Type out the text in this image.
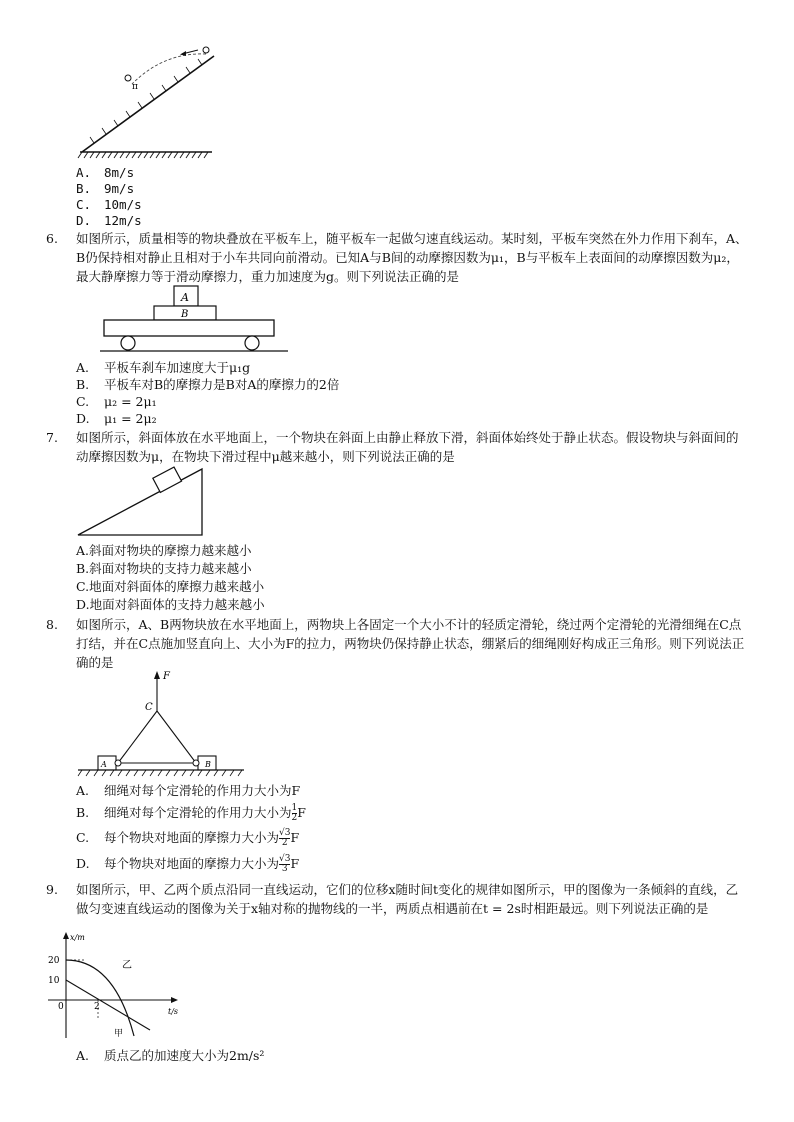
π
A. 8m/s
B. 9m/s
C. 10m/s
D. 12m/s
6. 如图所示，质量相等的物块叠放在平板车上，随平板车一起做匀速直线运动。某时刻，平板车突然在外力作用下刹车，A、B仍保持相对静止且相对于小车共同向前滑动。已知A与B间的动摩擦因数为μ₁，B与平板车上表面间的动摩擦因数为μ₂，最大静摩擦力等于滑动摩擦力，重力加速度为g。则下列说法正确的是
A
B
A. 平板车刹车加速度大于μ₁g
B. 平板车对B的摩擦力是B对A的摩擦力的2倍
C. μ₂ = 2μ₁
D. μ₁ = 2μ₂
7. 如图所示，斜面体放在水平地面上，一个物块在斜面上由静止释放下滑，斜面体始终处于静止状态。假设物块与斜面间的动摩擦因数为μ，在物块下滑过程中μ越来越小，则下列说法正确的是
A.斜面对物块的摩擦力越来越小
B.斜面对物块的支持力越来越小
C.地面对斜面体的摩擦力越来越小
D.地面对斜面体的支持力越来越小
8. 如图所示，A、B两物块放在水平地面上，两物块上各固定一个大小不计的轻质定滑轮，绕过两个定滑轮的光滑细绳在C点打结，并在C点施加竖直向上、大小为F的拉力，两物块仍保持静止状态，绷紧后的细绳刚好构成正三角形。则下列说法正确的是
F
C
A	B
A. 细绳对每个定滑轮的作用力大小为F
B. 细绳对每个定滑轮的作用力大小为 $\frac{1}{2}$ F
C. 每个物块对地面的摩擦力大小为 $\frac{√3}{2}$ F
D. 每个物块对地面的摩擦力大小为 $\frac{√3}{3}$ F
9. 如图所示，甲、乙两个质点沿同一直线运动，它们的位移x随时间t变化的规律如图所示，甲的图像为一条倾斜的直线，乙做匀变速直线运动的图像为关于x轴对称的抛物线的一半，两质点相遇前在t = 2s时相距最远。则下列说法正确的是
x/m
t/s
20
10
0	2
乙
甲
A. 质点乙的加速度大小为2m/s²
